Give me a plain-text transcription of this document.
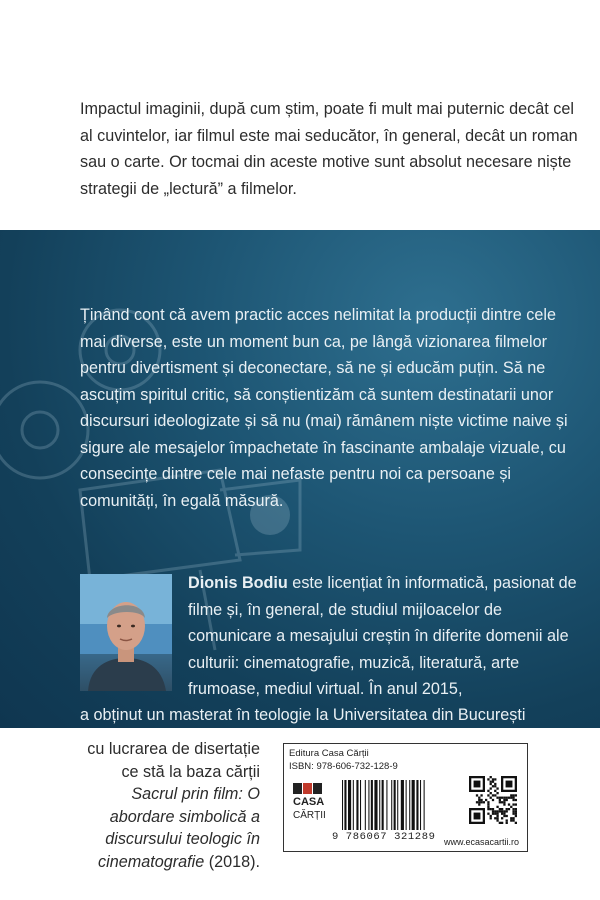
Impactul imaginii, după cum știm, poate fi mult mai puternic decât cel al cuvintelor, iar filmul este mai seducător, în general, decât un roman sau o carte. Or tocmai din aceste motive sunt absolut necesare niște strategii de „lectură” a filmelor.

Ținând cont că avem practic acces nelimitat la producții dintre cele mai diverse, este un moment bun ca, pe lângă vizionarea filmelor pentru divertisment și deconectare, să ne și educăm puțin. Să ne ascuțim spiritul critic, să conștientizăm că suntem destinatarii unor discursuri ideologizate și să nu (mai) rămânem niște victime naive și sigure ale mesajelor împachetate în fascinante ambalaje vizuale, cu consecințe dintre cele mai nefaste pentru noi ca persoane și comunități, în egală măsură.

Dionis Bodiu este licențiat în informatică, pasionat de filme și, în general, de studiul mijloacelor de comunicare a mesajului creștin în diferite domenii ale culturii: cinematografie, muzică, literatură, arte frumoase, mediul virtual. În anul 2015,

a obținut un masterat în teologie la Universitatea din București

cu lucrarea de disertație ce stă la baza cărții Sacrul prin film: O abordare simbolică a discursului teologic în cinematografie (2018).

Editura Casa Cărții
ISBN: 978-606-732-128-9
CASA
CĂRȚII
9 786067 321289 www.ecasacartii.ro
